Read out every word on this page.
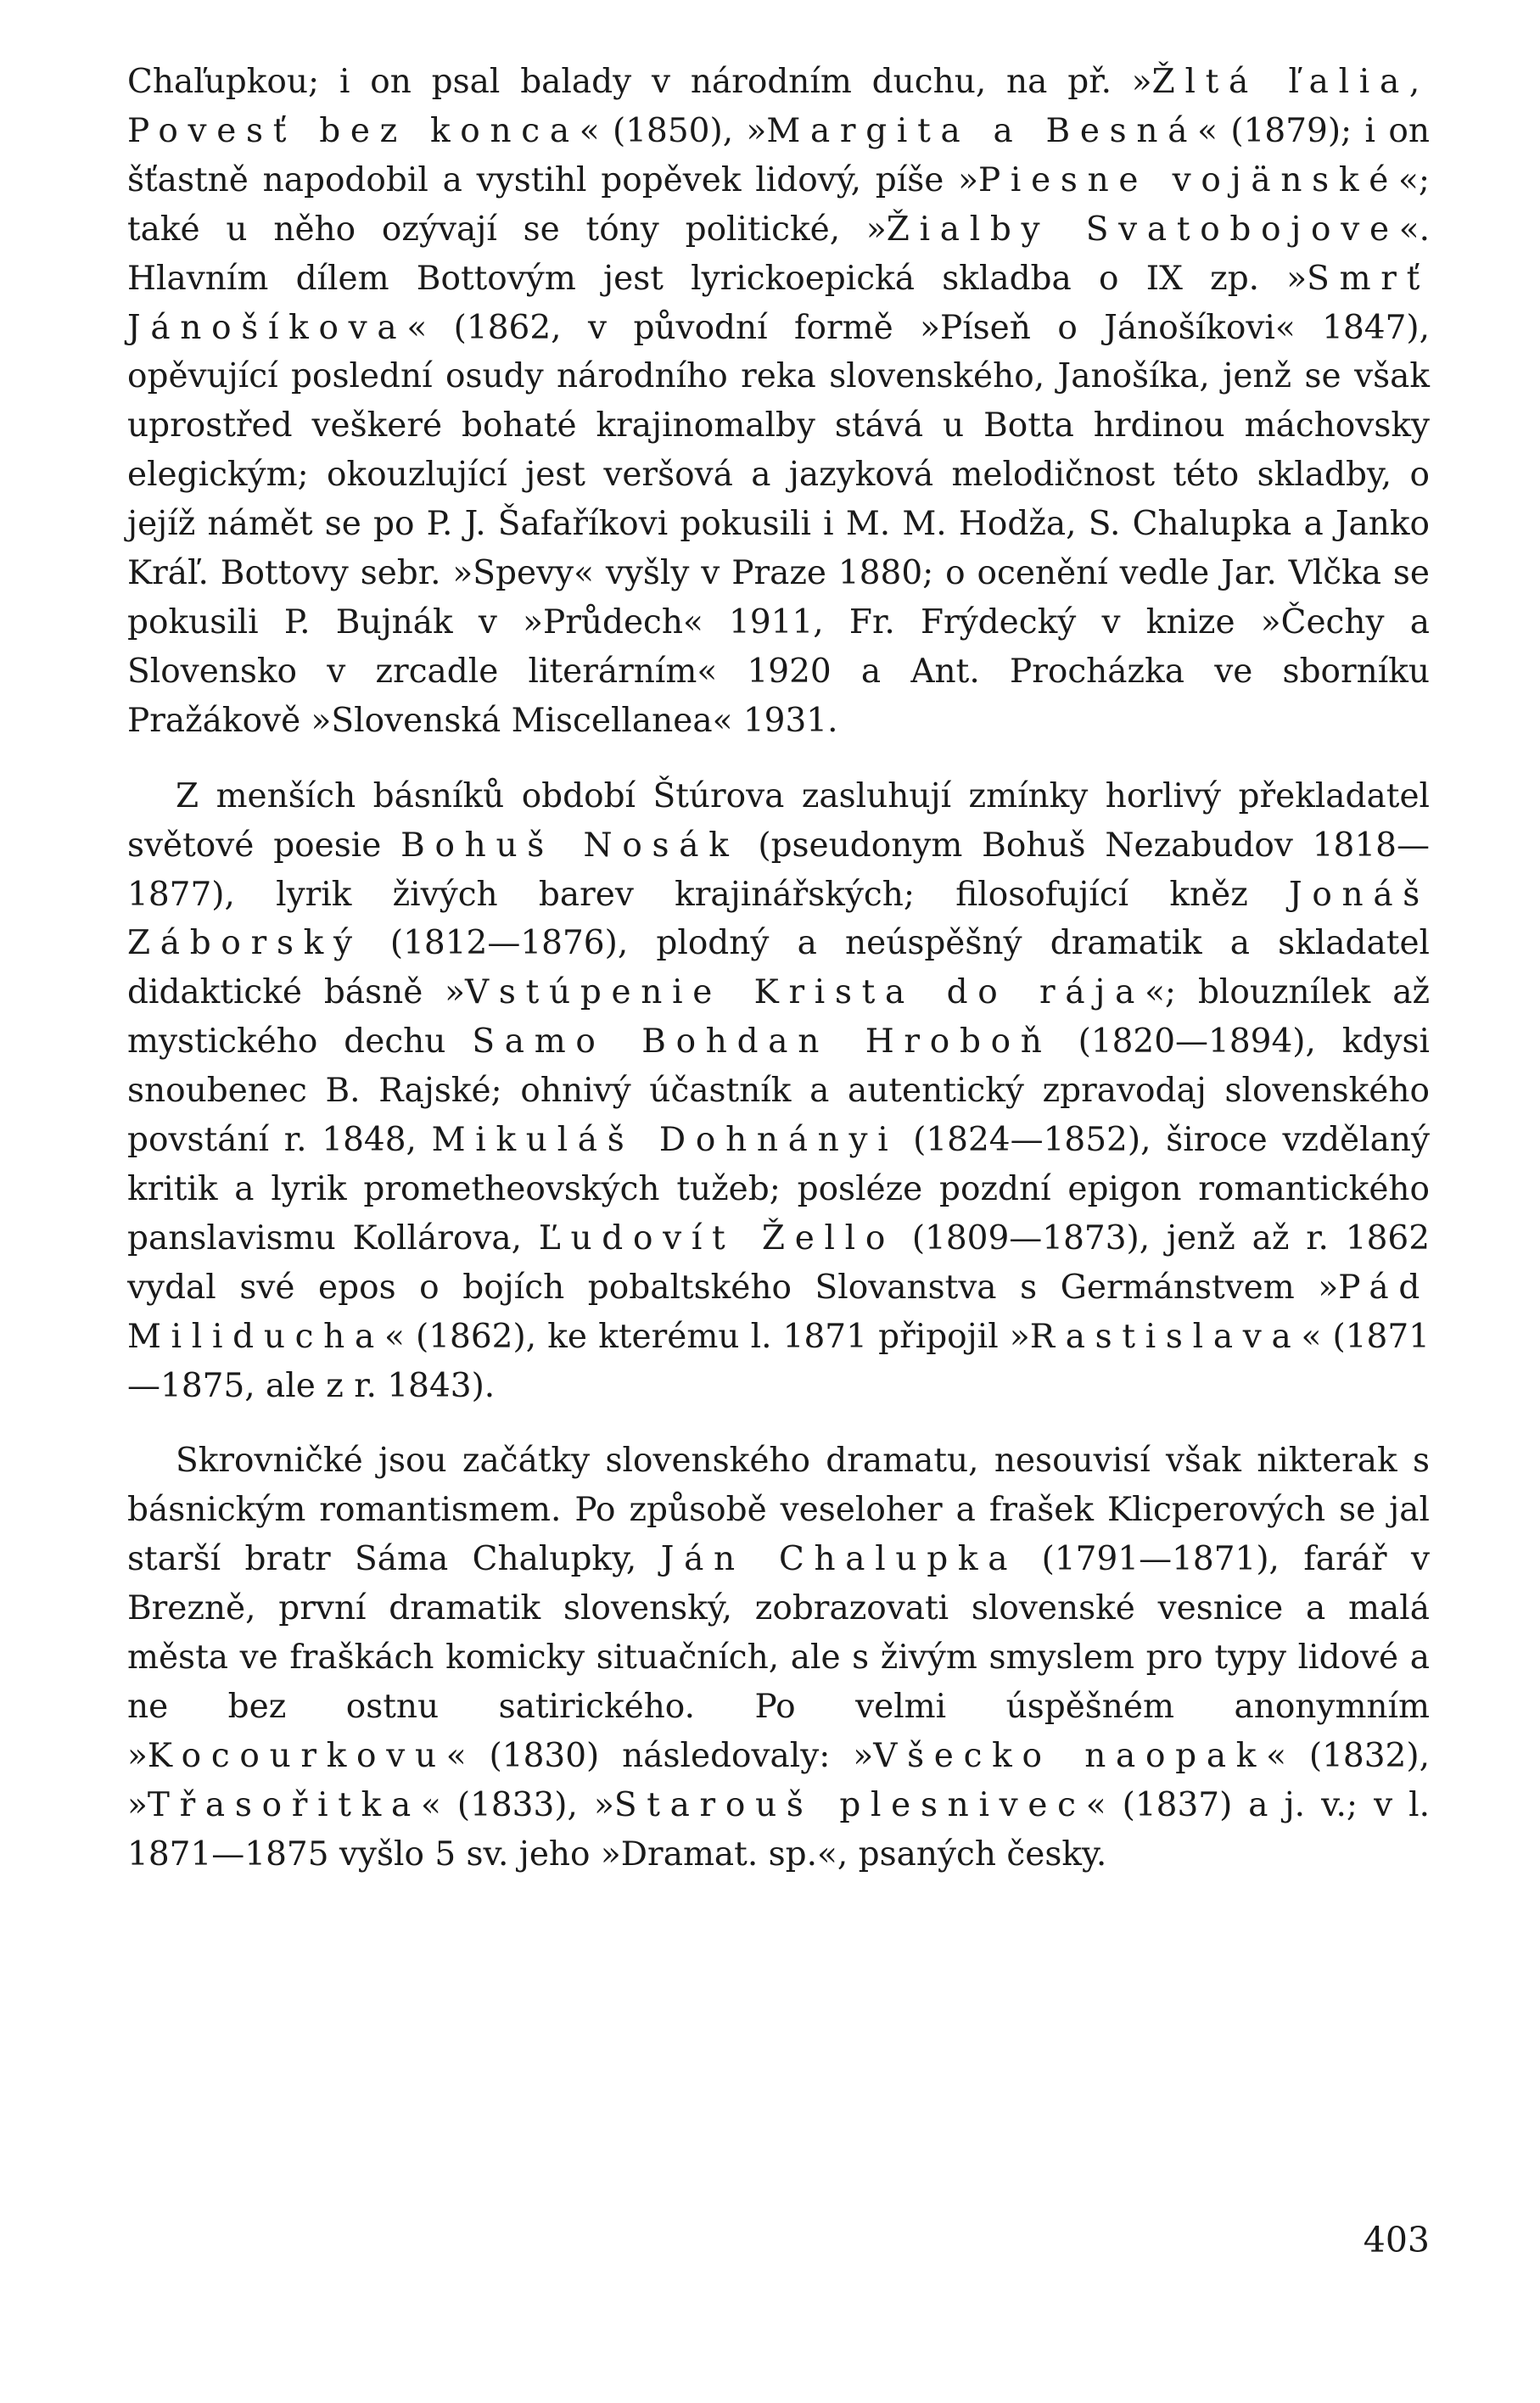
Chaľupkou; i on psal balady v národním duchu, na př. »Žltá ľalia, Povesť bez konca« (1850), »Margita a Besná« (1879); i on šťastně napodobil a vystihl popěvek lidový, píše »Piesne vojänské«; také u něho ozývají se tóny politické, »Žialby Svatobojove«. Hlavním dílem Bottovým jest lyrickoepická skladba o IX zp. »Smrť Jánošíkova« (1862, v původní formě »Píseň o Jánošíkovi« 1847), opěvující poslední osudy národního reka slovenského, Janošíka, jenž se však uprostřed veškeré bohaté krajinomalby stává u Botta hrdinou máchovsky elegickým; okouzlující jest veršová a jazyková melodičnost této skladby, o jejíž námět se po P. J. Šafaříkovi pokusili i M. M. Hodža, S. Chalupka a Janko Kráľ. Bottovy sebr. »Spevy« vyšly v Praze 1880; o ocenění vedle Jar. Vlčka se pokusili P. Bujnák v »Průdech« 1911, Fr. Frýdecký v knize »Čechy a Slovensko v zrcadle literárním« 1920 a Ant. Procházka ve sborníku Pražákově »Slovenská Miscellanea« 1931.

Z menších básníků období Štúrova zasluhují zmínky horlivý překladatel světové poesie Bohuš Nosák (pseudonym Bohuš Nezabudov 1818—1877), lyrik živých barev krajinářských; filosofující kněz Jonáš Záborský (1812—1876), plodný a neúspěšný dramatik a skladatel didaktické básně »Vstúpenie Krista do rája«; blouznílek až mystického dechu Samo Bohdan Hroboň (1820—1894), kdysi snoubenec B. Rajské; ohnivý účastník a autentický zpravodaj slovenského povstání r. 1848, Mikuláš Dohnányi (1824—1852), široce vzdělaný kritik a lyrik prometheovských tužeb; posléze pozdní epigon romantického panslavismu Kollárova, Ľudovít Žello (1809—1873), jenž až r. 1862 vydal své epos o bojích pobaltského Slovanstva s Germánstvem »Pád Miliducha« (1862), ke kterému l. 1871 připojil »Rastislava« (1871—1875, ale z r. 1843).

Skrovničké jsou začátky slovenského dramatu, nesouvisí však nikterak s básnickým romantismem. Po způsobě veseloher a frašek Klicperových se jal starší bratr Sáma Chalupky, Ján Chalupka (1791—1871), farář v Brezně, první dramatik slovenský, zobrazovati slovenské vesnice a malá města ve fraškách komicky situačních, ale s živým smyslem pro typy lidové a ne bez ostnu satirického. Po velmi úspěšném anonymním »Kocourkovu« (1830) následovaly: »Všecko naopak« (1832), »Třasořitka« (1833), »Starouš plesnivec« (1837) a j. v.; v l. 1871—1875 vyšlo 5 sv. jeho »Dramat. sp.«, psaných česky.

403
